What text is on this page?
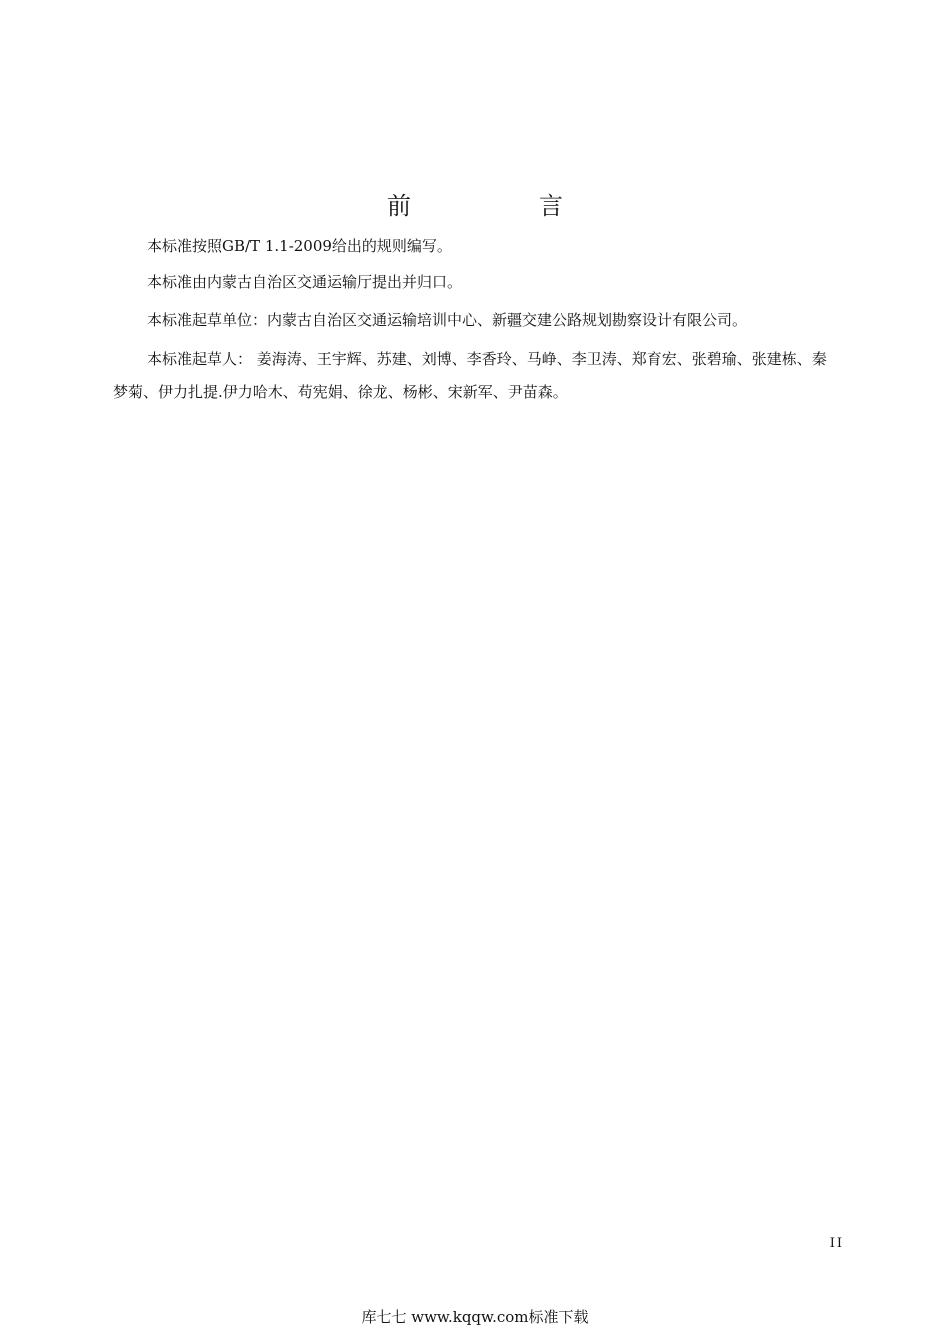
前　言
本标准按照GB/T 1.1-2009给出的规则编写。
本标准由内蒙古自治区交通运输厅提出并归口。
本标准起草单位：内蒙古自治区交通运输培训中心、新疆交建公路规划勘察设计有限公司。
本标准起草人： 姜海涛、王宇辉、苏建、刘博、李香玲、马峥、李卫涛、郑育宏、张碧瑜、张建栋、秦梦菊、伊力扎提.伊力哈木、苟宪娟、徐龙、杨彬、宋新军、尹苗森。
II
库七七 www.kqqw.com标准下载
